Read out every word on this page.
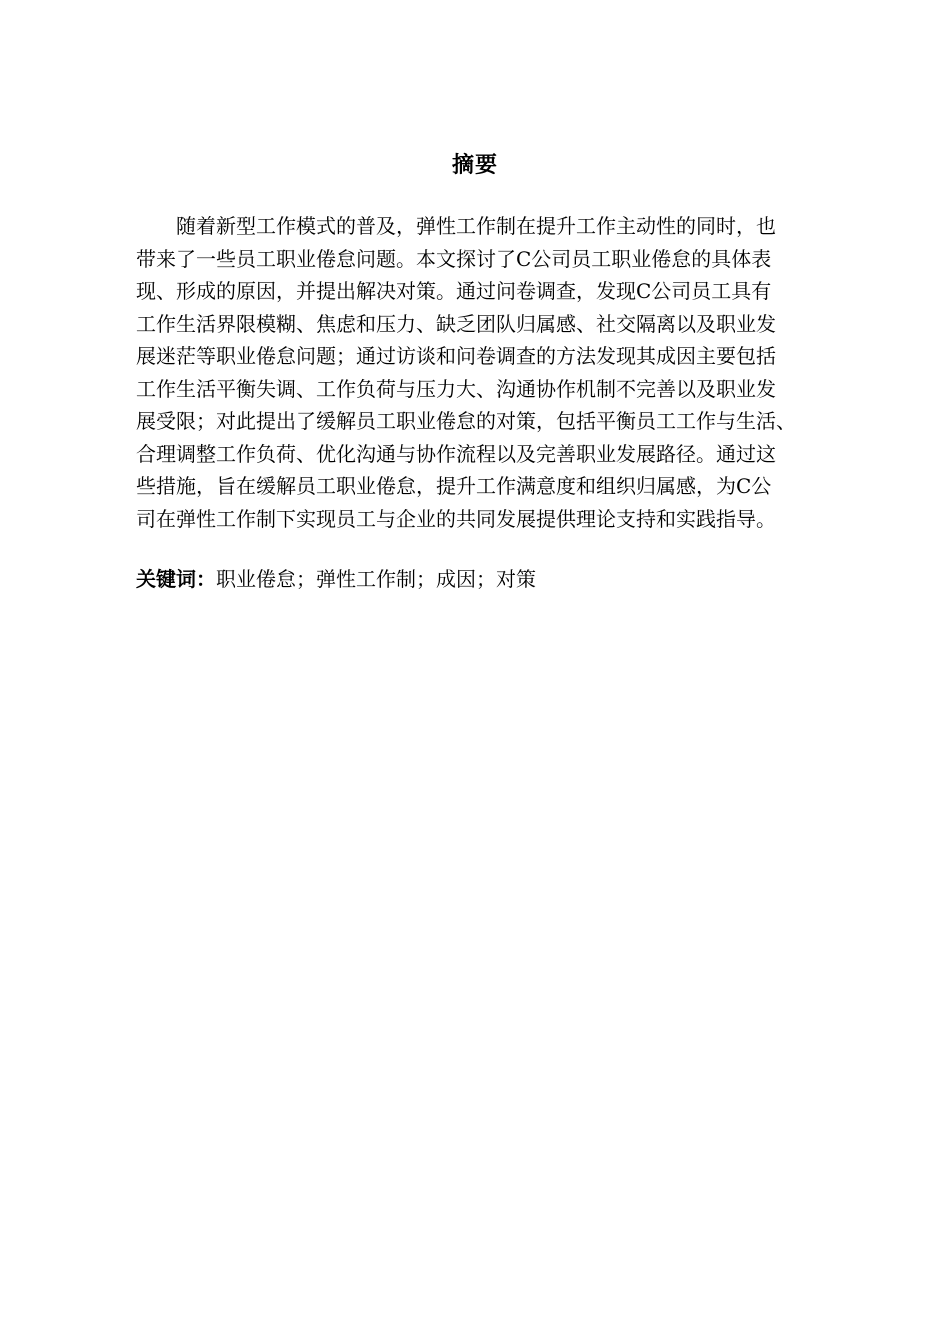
摘要
　　随着新型工作模式的普及，弹性工作制在提升工作主动性的同时，也
带来了一些员工职业倦怠问题。本文探讨了C公司员工职业倦怠的具体表
现、形成的原因，并提出解决对策。通过问卷调查，发现C公司员工具有
工作生活界限模糊、焦虑和压力、缺乏团队归属感、社交隔离以及职业发
展迷茫等职业倦怠问题；通过访谈和问卷调查的方法发现其成因主要包括
工作生活平衡失调、工作负荷与压力大、沟通协作机制不完善以及职业发
展受限；对此提出了缓解员工职业倦怠的对策，包括平衡员工工作与生活、
合理调整工作负荷、优化沟通与协作流程以及完善职业发展路径。通过这
些措施，旨在缓解员工职业倦怠，提升工作满意度和组织归属感，为C公
司在弹性工作制下实现员工与企业的共同发展提供理论支持和实践指导。
关键词：职业倦怠；弹性工作制；成因；对策
